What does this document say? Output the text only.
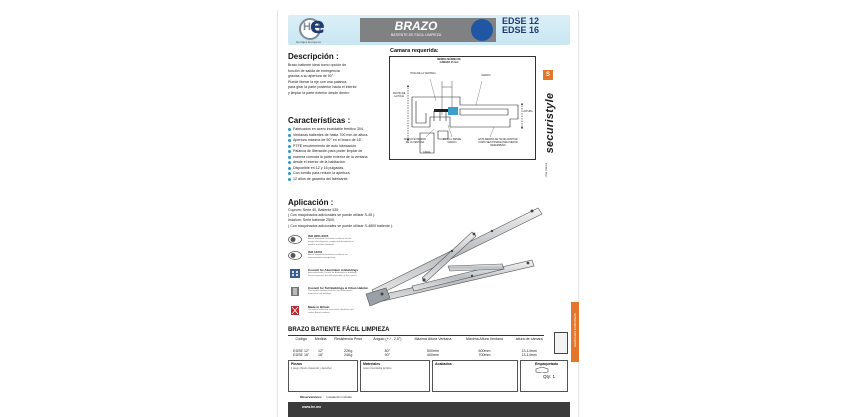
H e
Herrajes Europeos
BRAZO
BATIENTE DE FÁCIL LIMPIEZA
EDSE 12
EDSE 16
Descripción :
Brazo batiente ideal como opción de
función de salida de emergencia
gracias a su apertura de 90°.
Puede liberar la eje con una palanca
para girar la parte posterior hacia el interior
y limpiar la parte exterior desde dentro
Características :
Fabricados en acero inoxidable ferrítico 304.
Ventanas batientes de hasta 700 mm de altura.
Apertura máxima de 90° en el brazo de 16".
PTFE recubrimiento de auto lubricación.
Palanca de liberación para poder limpiar de
manera cómoda la parte exterior de la ventana
desde el interior de la habitación.
Disponible en 12 y 16 pulgadas.
Con tornillo para reducir la apertura.
12 años de garantía del fabricante.
Aplicación :
Cuprum: Serie 40, Batiente 535
( Con maquinados adicionales se puede utilizar S-45 ).
Indalum: Serie batiente 2500,
( Con maquinados adicionales se puede utilizar S-4800 batiente ).
ISO 9001:2015
British Standards Institution certificate for the design, development, supply and distribution of window and door hardware
ISO 14001
British Standards Institution certificate for environmental management
Council for Aluminium in Buildings
Associated with Council for Aluminium in buildings. Do not represent the official position of the council
Council for Tall Buildings & Urban Habitat
The world's leading resource for professionals focused on tall buildings
Made in Britain
The official collective mark which identifies and unifies British products
Camara requerida:
MEDIDA MÁXIMA DE CÁMARA 15 mm
HOJA DE LA VENTANA
MARCO
ANCHO DE LA HOJA
ALTURA
MARCO EXTERIOR DE LA VENTANA
16.4 mm DESDE MARCO
ESTA MEDIDA SE HA DE ADAPTAR COMO SEA POSIBLE PARA MEJOR DESEMPEÑO
CANAL
S
securistyle
Una marca
HERRAJES EUROPEOS
BRAZO BATIENTE FÁCIL LIMPIEZA
Código	Medida	Resistencia Peso	Ángulo (+ / - 2.5°)	Máxima Altura Ventana	Máxima Altura Ventana	altura de cámara
EDSE 12"	12"	22Kg	80°	500mm	600mm	13-14mm
EDSE 16"	16"	24Kg	90°	400mm	700mm	13-14mm
Piezas
1 juego (brazo izquierdo y derecho)
Materiales
Acero inoxidable ferrítico
Acabados	Empaquetado
Qty: 1
Observaciones Instalación incluida
www.he.mx
